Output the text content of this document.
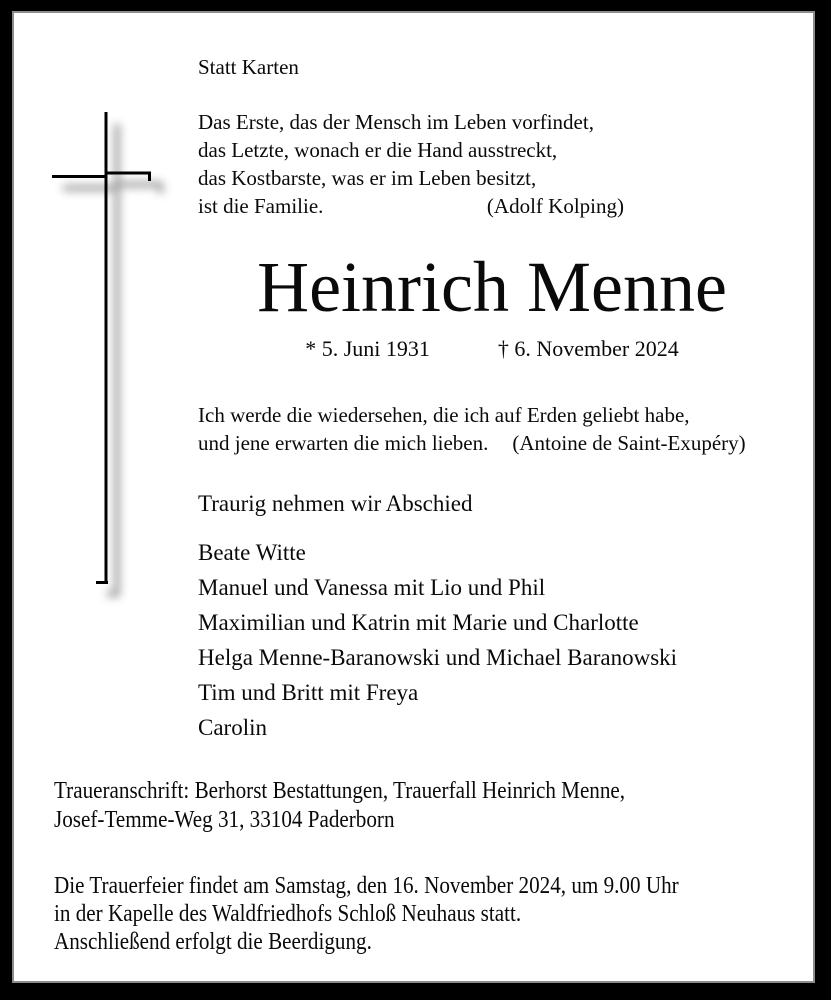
Statt Karten
Das Erste, das der Mensch im Leben vorfindet,
das Letzte, wonach er die Hand ausstreckt,
das Kostbarste, was er im Leben besitzt,
ist die Familie.	(Adolf Kolping)
Heinrich Menne
* 5. Juni 1931	† 6. November 2024
Ich werde die wiedersehen, die ich auf Erden geliebt habe,
und jene erwarten die mich lieben. (Antoine de Saint-Exupéry)
Traurig nehmen wir Abschied
Beate Witte
Manuel und Vanessa mit Lio und Phil
Maximilian und Katrin mit Marie und Charlotte
Helga Menne-Baranowski und Michael Baranowski
Tim und Britt mit Freya
Carolin
Traueranschrift: Berhorst Bestattungen, Trauerfall Heinrich Menne,
Josef-Temme-Weg 31, 33104 Paderborn
Die Trauerfeier findet am Samstag, den 16. November 2024, um 9.00 Uhr
in der Kapelle des Waldfriedhofs Schloß Neuhaus statt.
Anschließend erfolgt die Beerdigung.
